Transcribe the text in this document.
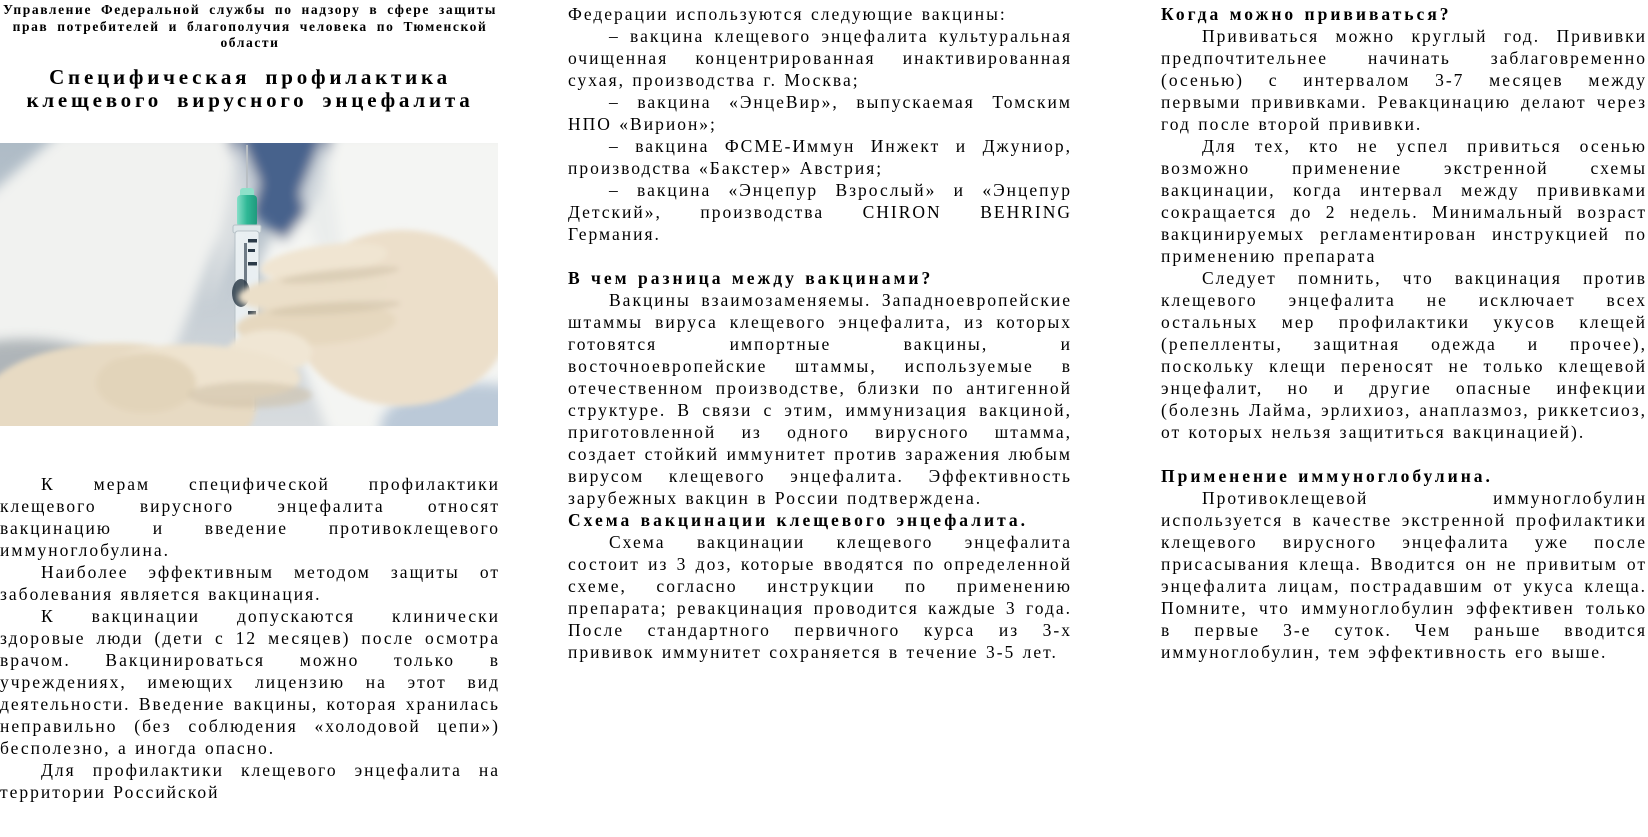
Управление Федеральной службы по надзору в сфере защиты прав потребителей и благополучия человека по Тюменской области
Специфическая профилактика клещевого вирусного энцефалита
К мерам специфической профилактики клещевого вирусного энцефалита относят вакцинацию и введение противоклещевого иммуноглобулина.
Наиболее эффективным методом защиты от заболевания является вакцинация.
К вакцинации допускаются клинически здоровые люди (дети с 12 месяцев) после осмотра врачом. Вакцинироваться можно только в учреждениях, имеющих лицензию на этот вид деятельности. Введение вакцины, которая хранилась неправильно (без соблюдения «холодовой цепи») бесполезно, а иногда опасно.
Для профилактики клещевого энцефалита на территории Российской
Федерации используются следующие вакцины:
– вакцина клещевого энцефалита культуральная очищенная концентрированная инактивированная сухая, производства г. Москва;
– вакцина «ЭнцеВир», выпускаемая Томским НПО «Вирион»;
– вакцина ФСМЕ-Иммун Инжект и Джуниор, производства «Бакстер» Австрия;
– вакцина «Энцепур Взрослый» и «Энцепур Детский», производства CHIRON BEHRING Германия.
В чем разница между вакцинами?
Вакцины взаимозаменяемы. Западноевропейские штаммы вируса клещевого энцефалита, из которых готовятся импортные вакцины, и восточноевропейские штаммы, используемые в отечественном производстве, близки по антигенной структуре. В связи с этим, иммунизация вакциной, приготовленной из одного вирусного штамма, создает стойкий иммунитет против заражения любым вирусом клещевого энцефалита. Эффективность зарубежных вакцин в России подтверждена.
Схема вакцинации клещевого энцефалита.
Схема вакцинации клещевого энцефалита состоит из 3 доз, которые вводятся по определенной схеме, согласно инструкции по применению препарата; ревакцинация проводится каждые 3 года. После стандартного первичного курса из 3-х прививок иммунитет сохраняется в течение 3-5 лет.
Когда можно прививаться?
Прививаться можно круглый год. Прививки предпочтительнее начинать заблаговременно (осенью) с интервалом 3-7 месяцев между первыми прививками. Ревакцинацию делают через год после второй прививки.
Для тех, кто не успел привиться осенью возможно применение экстренной схемы вакцинации, когда интервал между прививками сокращается до 2 недель. Минимальный возраст вакцинируемых регламентирован инструкцией по применению препарата
Следует помнить, что вакцинация против клещевого энцефалита не исключает всех остальных мер профилактики укусов клещей (репелленты, защитная одежда и прочее), поскольку клещи переносят не только клещевой энцефалит, но и другие опасные инфекции (болезнь Лайма, эрлихиоз, анаплазмоз, риккетсиоз, от которых нельзя защититься вакцинацией).
Применение иммуноглобулина.
Противоклещевой иммуноглобулин используется в качестве экстренной профилактики клещевого вирусного энцефалита уже после присасывания клеща. Вводится он не привитым от энцефалита лицам, пострадавшим от укуса клеща. Помните, что иммуноглобулин эффективен только в первые 3-е суток. Чем раньше вводится иммуноглобулин, тем эффективность его выше.
